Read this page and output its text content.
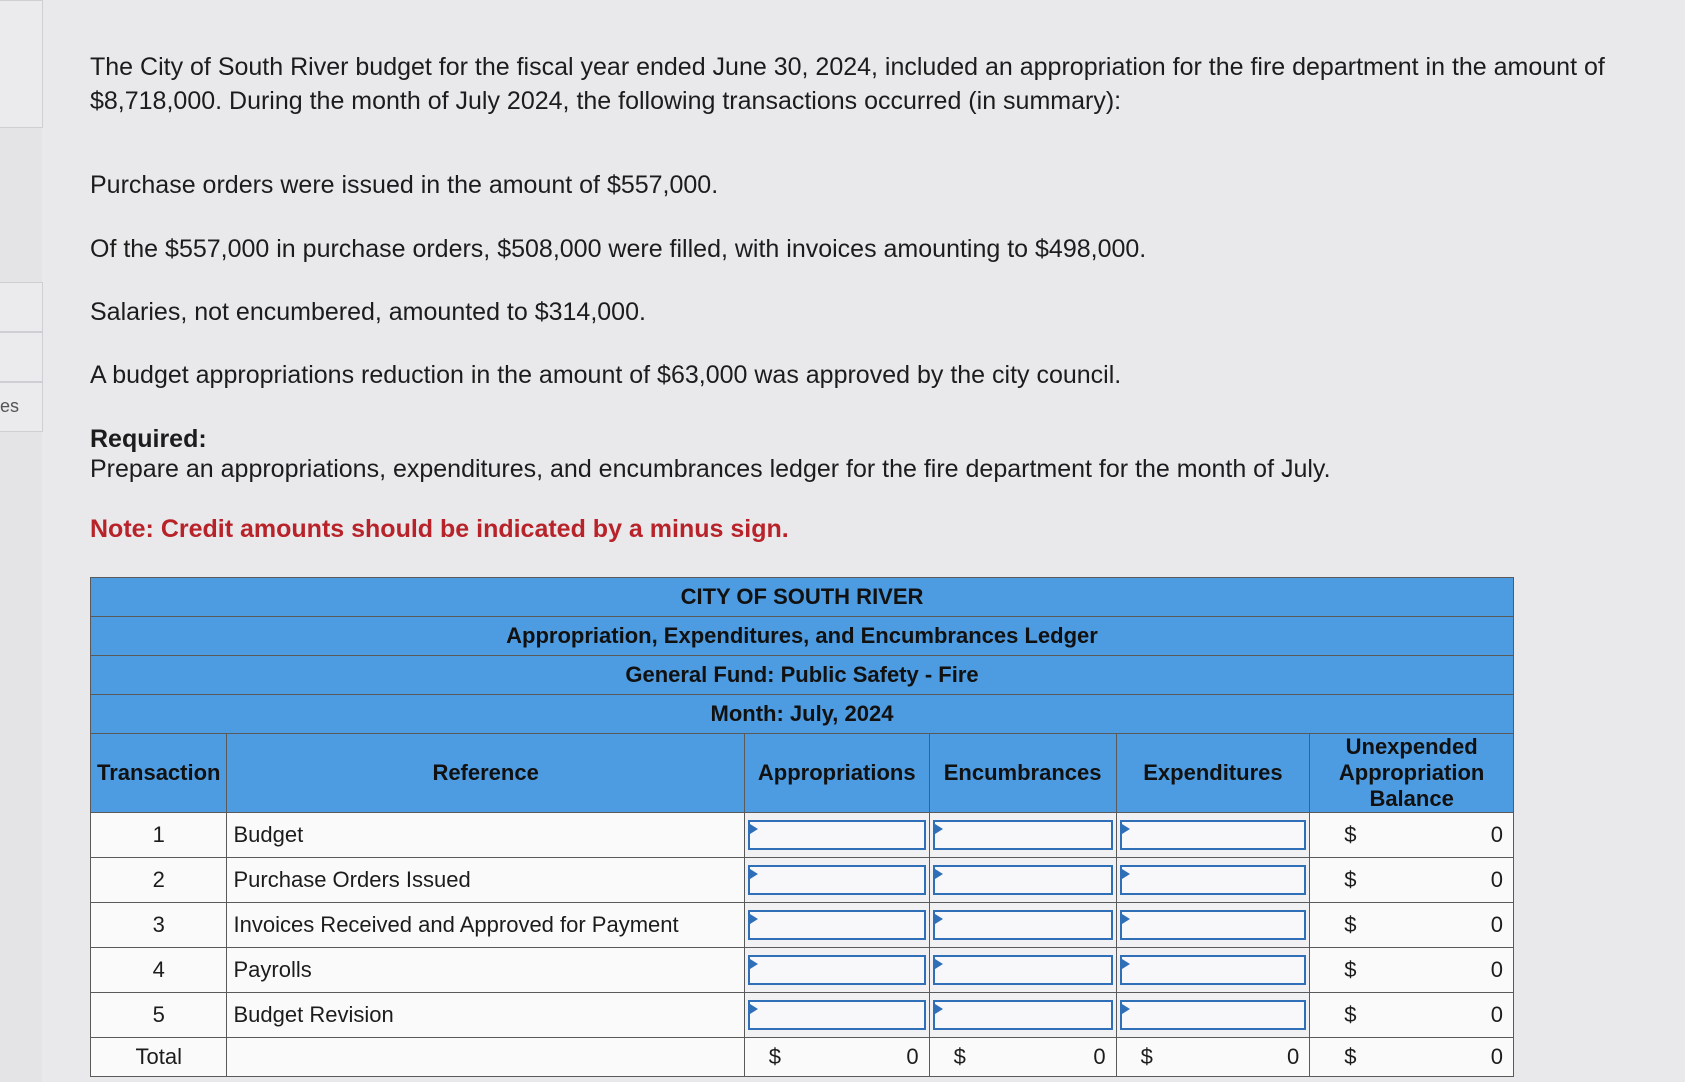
es

The City of South River budget for the fiscal year ended June 30, 2024, included an appropriation for the fire department in the amount of $8,718,000. During the month of July 2024, the following transactions occurred (in summary):

Purchase orders were issued in the amount of $557,000.

Of the $557,000 in purchase orders, $508,000 were filled, with invoices amounting to $498,000.

Salaries, not encumbered, amounted to $314,000.

A budget appropriations reduction in the amount of $63,000 was approved by the city council.

Required:

Prepare an appropriations, expenditures, and encumbrances ledger for the fire department for the month of July.

Note: Credit amounts should be indicated by a minus sign.

CITY OF SOUTH RIVER					
Appropriation, Expenditures, and Encumbrances Ledger					
General Fund: Public Safety - Fire					
Month: July, 2024					
Transaction	Reference	Appropriations	Encumbrances	Expenditures	Unexpended Appropriation Balance
1	Budget				$ 0

2	Purchase Orders Issued				$ 0

3	Invoices Received and Approved for Payment				$ 0

4	Payrolls				$ 0

5	Budget Revision				$ 0

Total		$ 0	$ 0	$ 0	$ 0
